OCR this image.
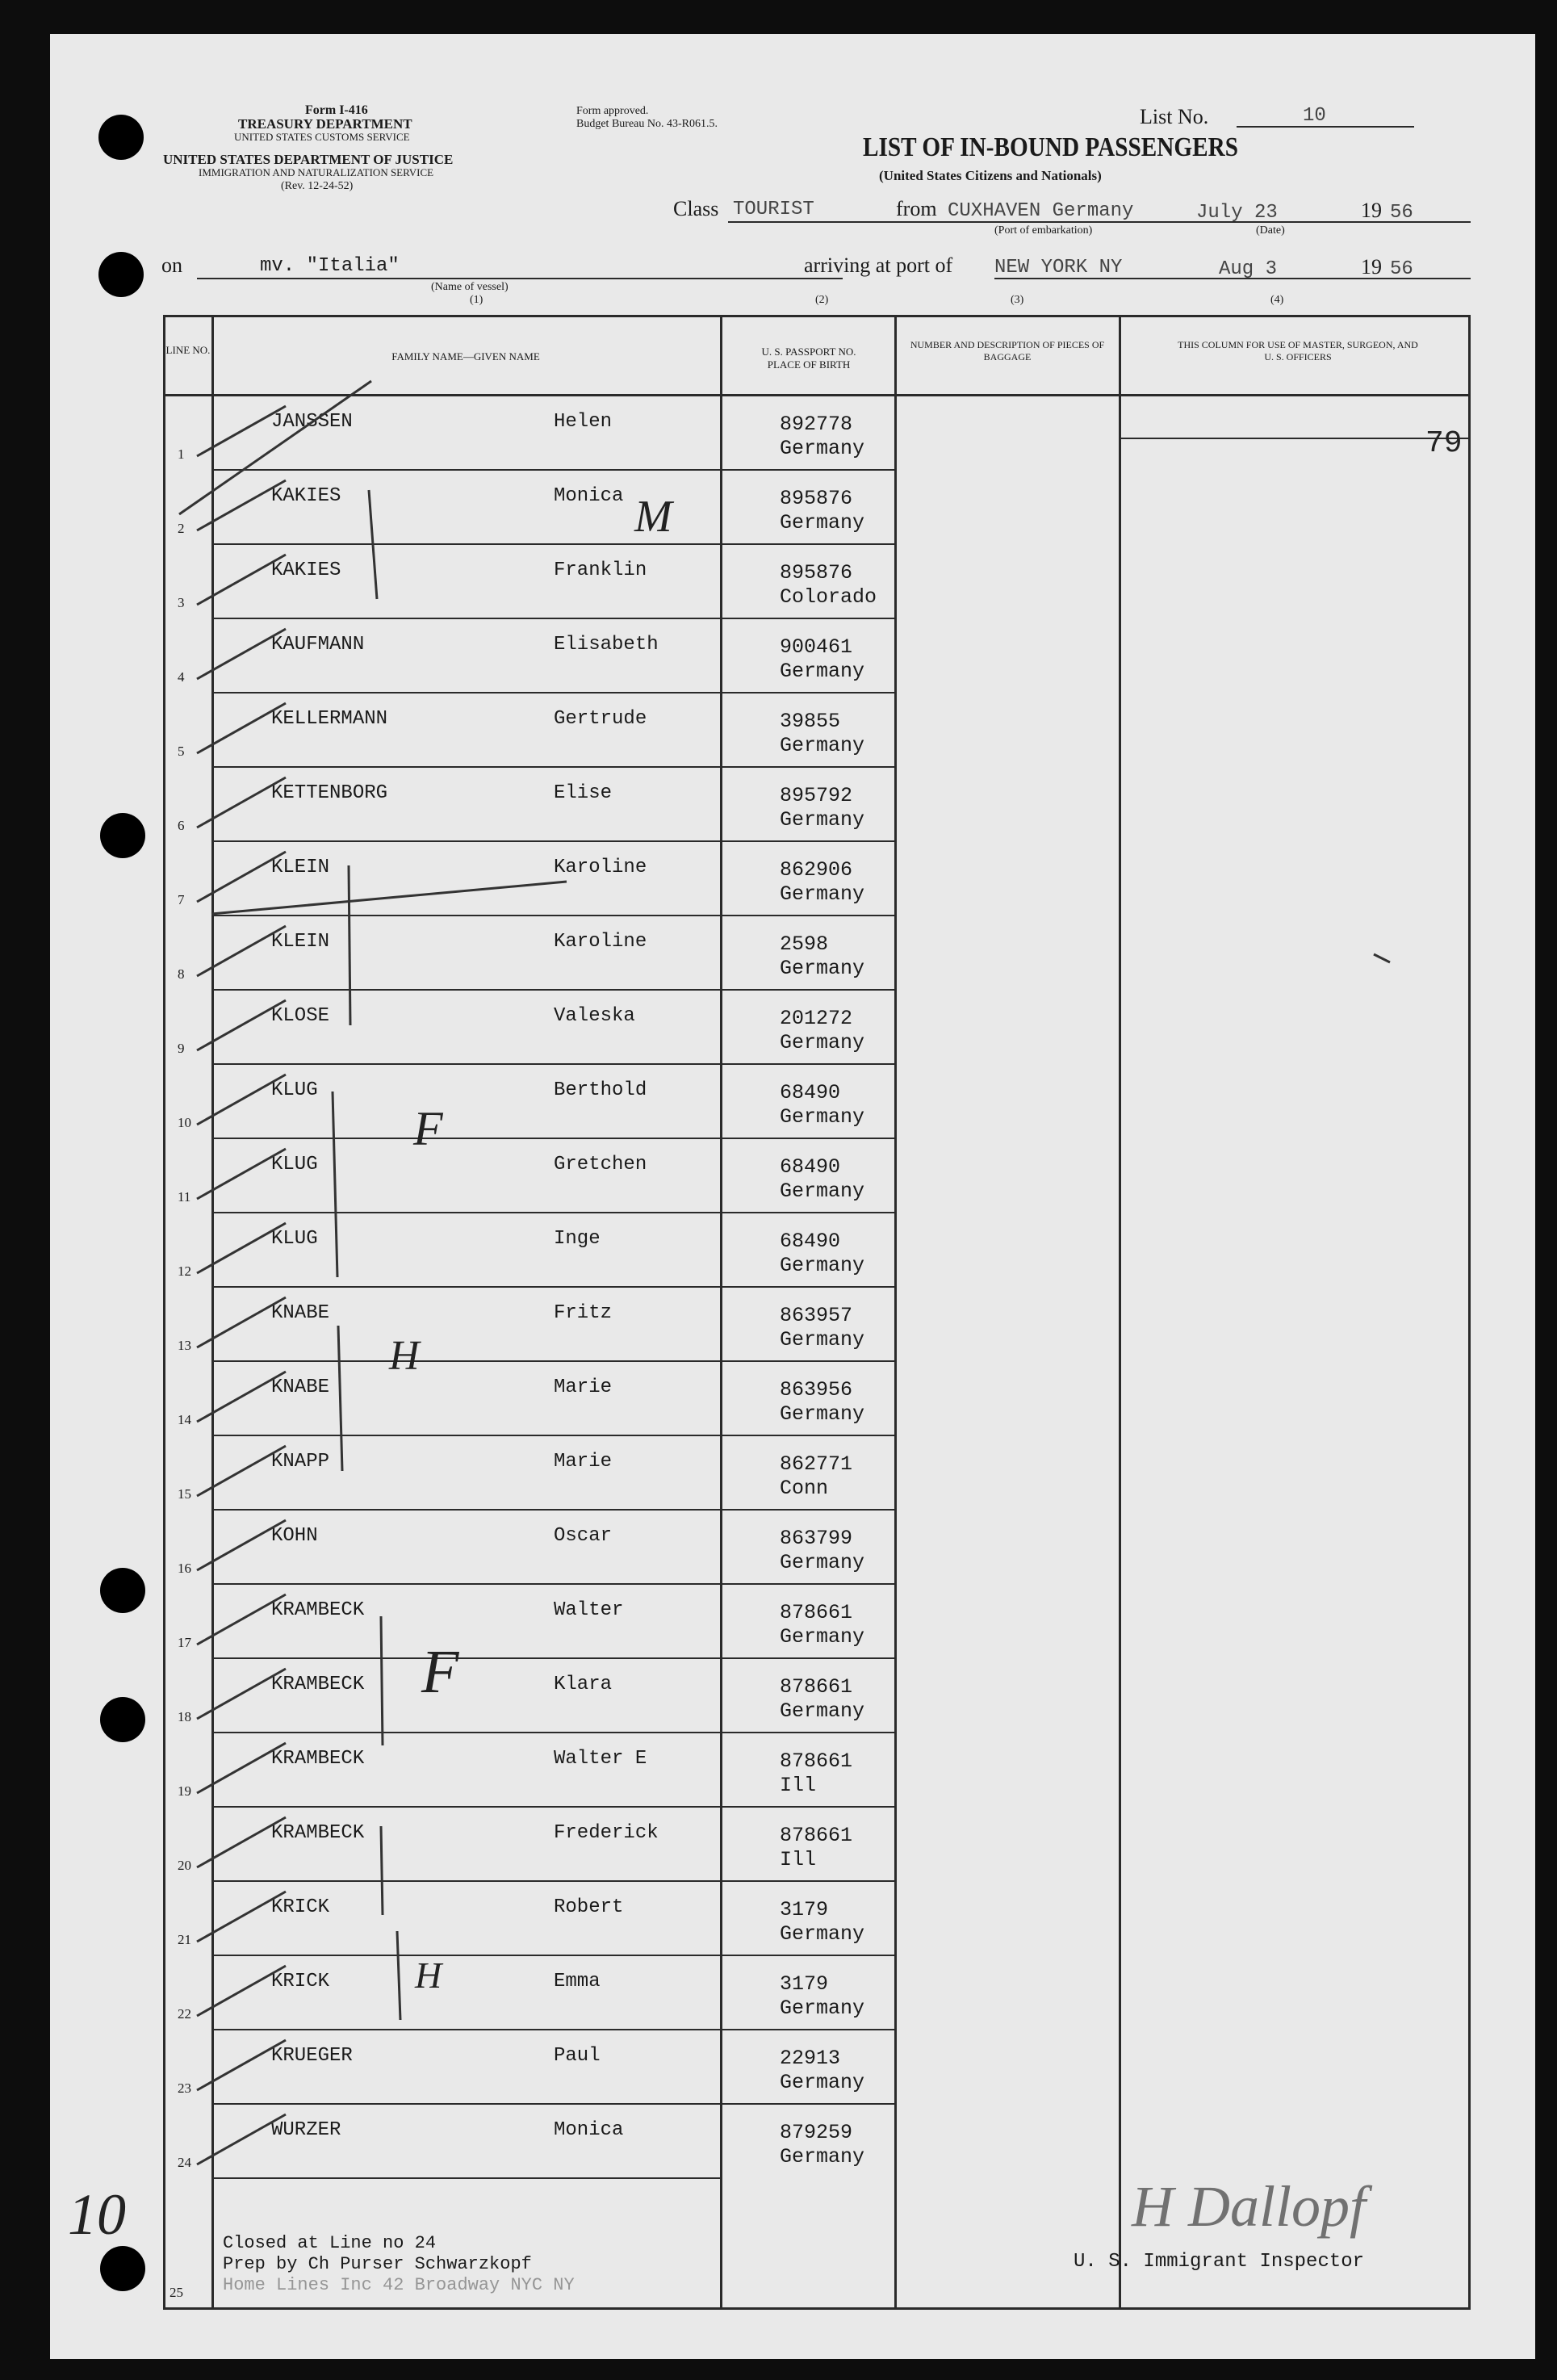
Form I-416
TREASURY DEPARTMENT
UNITED STATES CUSTOMS SERVICE
UNITED STATES DEPARTMENT OF JUSTICE
IMMIGRATION AND NATURALIZATION SERVICE
(Rev. 12-24-52)
Form approved.
Budget Bureau No. 43-R061.5.	List No.	10
LIST OF IN-BOUND PASSENGERS
(United States Citizens and Nationals)
Class TOURIST	from CUXHAVEN Germany	July 23	19 56
(Port of embarkation)	(Date)
on	mv. "Italia"	arriving at port of NEW YORK NY	Aug 3	19 56
(Name of vessel)
(1)	(2)	(3)	(4)
LINE NO.
FAMILY NAME—GIVEN NAME	U. S. PASSPORT NO. PLACE OF BIRTH
NUMBER AND DESCRIPTION OF PIECES OF BAGGAGE
THIS COLUMN FOR USE OF MASTER, SURGEON, AND U. S. OFFICERS
1
JANSSEN	Helen	892778
Germany
2
KAKIES	Monica	895876
Germany
3
KAKIES	Franklin	895876
Colorado
4
KAUFMANN	Elisabeth	900461
Germany
5
KELLERMANN	Gertrude	39855
Germany
6
KETTENBORG	Elise	895792
Germany
7
KLEIN	Karoline	862906
Germany
8
KLEIN	Karoline	2598
Germany
9
KLOSE	Valeska	201272
Germany
10
KLUG	Berthold	68490
Germany
11
KLUG	Gretchen	68490
Germany
12
KLUG	Inge	68490
Germany
13
KNABE	Fritz	863957
Germany
14
KNABE	Marie	863956
Germany
15
KNAPP	Marie	862771
Conn
16
KOHN	Oscar	863799
Germany
17
KRAMBECK	Walter	878661
Germany
18
KRAMBECK	Klara	878661
Germany
19
KRAMBECK	Walter E	878661
Ill
20
KRAMBECK	Frederick	878661
Ill
21
KRICK	Robert	3179
Germany
22
KRICK	Emma	3179
Germany
23
KRUEGER	Paul	22913
Germany
24
WURZER	Monica	879259
Germany
25
Closed at Line no 24
Prep by Ch Purser Schwarzkopf
Home Lines Inc 42 Broadway NYC NY
U. S. Immigrant Inspector
79
10
M
F
H
F
H
H Dallopf
